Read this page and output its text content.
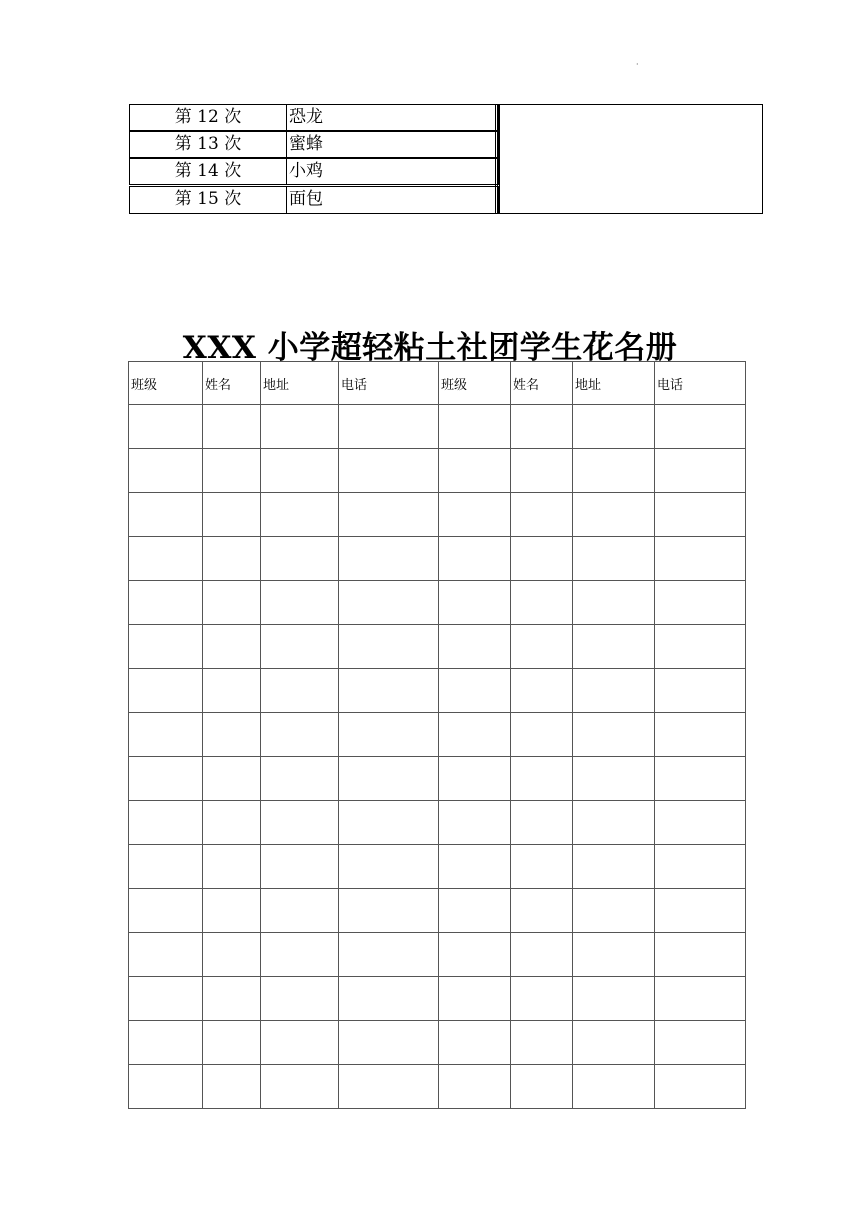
·
第 12 次	恐龙
第 13 次	蜜蜂
第 14 次	小鸡
第 15 次	面包
XXX 小学超轻粘土社团学生花名册
班级	姓名	地址	电话	班级	姓名	地址	电话
